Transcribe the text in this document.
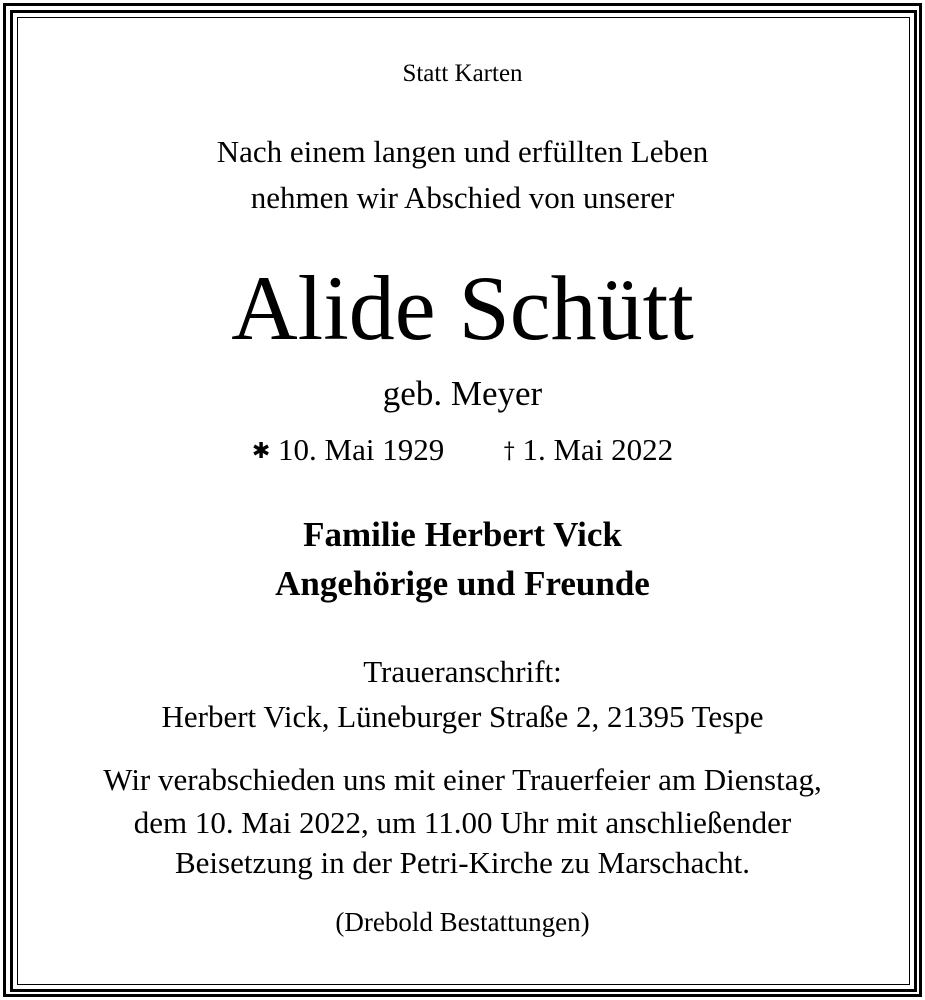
Statt Karten
Nach einem langen und erfüllten Leben
nehmen wir Abschied von unserer
Alide Schütt
geb. Meyer
✱ 10. Mai 1929	† 1. Mai 2022
Familie Herbert Vick
Angehörige und Freunde
Traueranschrift:
Herbert Vick, Lüneburger Straße 2, 21395 Tespe
Wir verabschieden uns mit einer Trauerfeier am Dienstag,
dem 10. Mai 2022, um 11.00 Uhr mit anschließender
Beisetzung in der Petri-Kirche zu Marschacht.
(Drebold Bestattungen)
